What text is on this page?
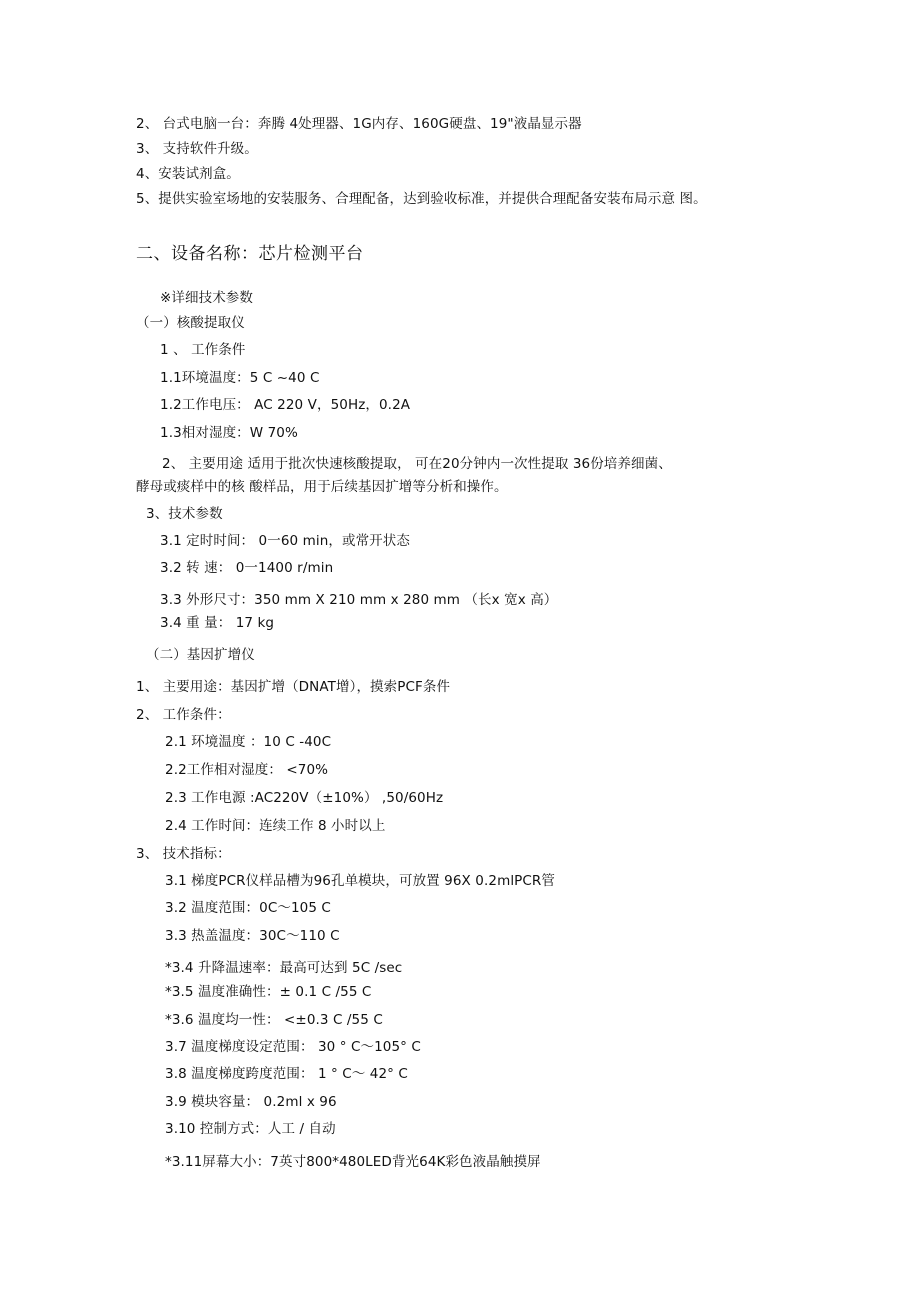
2、 台式电脑一台：奔腾 4处理器、1G内存、160G硬盘、19"液晶显示器
3、 支持软件升级。
4、安装试剂盒。
5、提供实验室场地的安装服务、合理配备，达到验收标准，并提供合理配备安装布局示意 图。
二、设备名称：芯片检测平台
※详细技术参数
（一）核酸提取仪
1 、 工作条件
1.1环境温度：5 C ~40 C
1.2工作电压： AC 220 V，50Hz，0.2A
1.3相对湿度：W 70%
2、 主要用途 适用于批次快速核酸提取， 可在20分钟内一次性提取 36份培养细菌、
酵母或痰样中的核 酸样品，用于后续基因扩增等分析和操作。
3、技术参数
3.1 定时时间： 0一60 min，或常开状态
3.2 转 速： 0一1400 r/min
3.3 外形尺寸：350 mm X 210 mm x 280 mm （长x 宽x 高）
3.4 重 量： 17 kg
（二）基因扩增仪
1、 主要用途：基因扩增（DNAT增），摸索PCF条件
2、 工作条件：
2.1 环境温度 ：10 C -40C
2.2工作相对湿度： <70%
2.3 工作电源 :AC220V（±10%） ,50/60Hz
2.4 工作时间：连续工作 8 小时以上
3、 技术指标：
3.1 梯度PCR仪样品槽为96孔单模块，可放置 96X 0.2mlPCR管
3.2 温度范围：0C～105 C
3.3 热盖温度：30C～110 C
*3.4 升降温速率：最高可达到 5C /sec
*3.5 温度准确性：± 0.1 C /55 C
*3.6 温度均一性： <±0.3 C /55 C
3.7 温度梯度设定范围： 30 ° C～105° C
3.8 温度梯度跨度范围： 1 ° C～ 42° C
3.9 模块容量： 0.2ml x 96
3.10 控制方式：人工 / 自动
*3.11屏幕大小：7英寸800*480LED背光64K彩色液晶触摸屏
